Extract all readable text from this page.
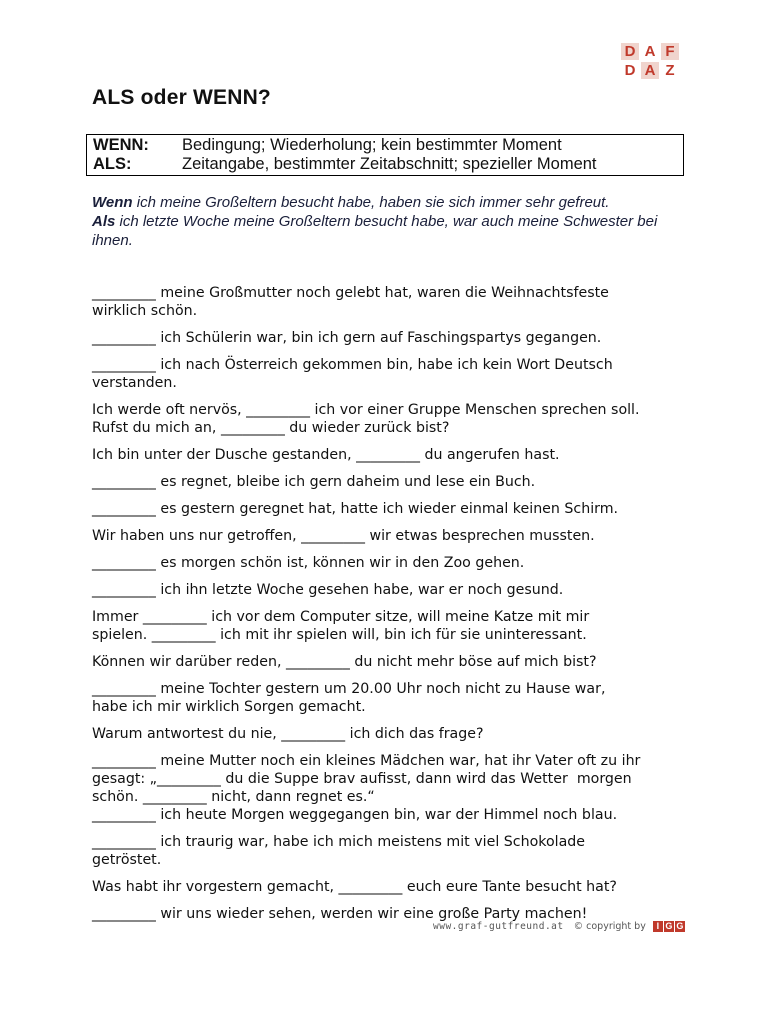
D A F
D A Z
ALS oder WENN?
WENN:	Bedingung; Wiederholung; kein bestimmter Moment
ALS:	Zeitangabe, bestimmter Zeitabschnitt; spezieller Moment
Wenn ich meine Großeltern besucht habe, haben sie sich immer sehr gefreut.
Als ich letzte Woche meine Großeltern besucht habe, war auch meine Schwester bei ihnen.

_________ meine Großmutter noch gelebt hat, waren die Weihnachtsfeste
wirklich schön.

_________ ich Schülerin war, bin ich gern auf Faschingspartys gegangen.

_________ ich nach Österreich gekommen bin, habe ich kein Wort Deutsch
verstanden.

Ich werde oft nervös, _________ ich vor einer Gruppe Menschen sprechen soll.
Rufst du mich an, _________ du wieder zurück bist?

Ich bin unter der Dusche gestanden, _________ du angerufen hast.

_________ es regnet, bleibe ich gern daheim und lese ein Buch.

_________ es gestern geregnet hat, hatte ich wieder einmal keinen Schirm.

Wir haben uns nur getroffen, _________ wir etwas besprechen mussten.

_________ es morgen schön ist, können wir in den Zoo gehen.

_________ ich ihn letzte Woche gesehen habe, war er noch gesund.

Immer _________ ich vor dem Computer sitze, will meine Katze mit mir
spielen. _________ ich mit ihr spielen will, bin ich für sie uninteressant.

Können wir darüber reden, _________ du nicht mehr böse auf mich bist?

_________ meine Tochter gestern um 20.00 Uhr noch nicht zu Hause war,
habe ich mir wirklich Sorgen gemacht.

Warum antwortest du nie, _________ ich dich das frage?

_________ meine Mutter noch ein kleines Mädchen war, hat ihr Vater oft zu ihr
gesagt: „_________ du die Suppe brav aufisst, dann wird das Wetter  morgen
schön. _________ nicht, dann regnet es.“
_________ ich heute Morgen weggegangen bin, war der Himmel noch blau.

_________ ich traurig war, habe ich mich meistens mit viel Schokolade
getröstet.

Was habt ihr vorgestern gemacht, _________ euch eure Tante besucht hat?

_________ wir uns wieder sehen, werden wir eine große Party machen!

www.graf-gutfreund.at © copyright by	I G G
